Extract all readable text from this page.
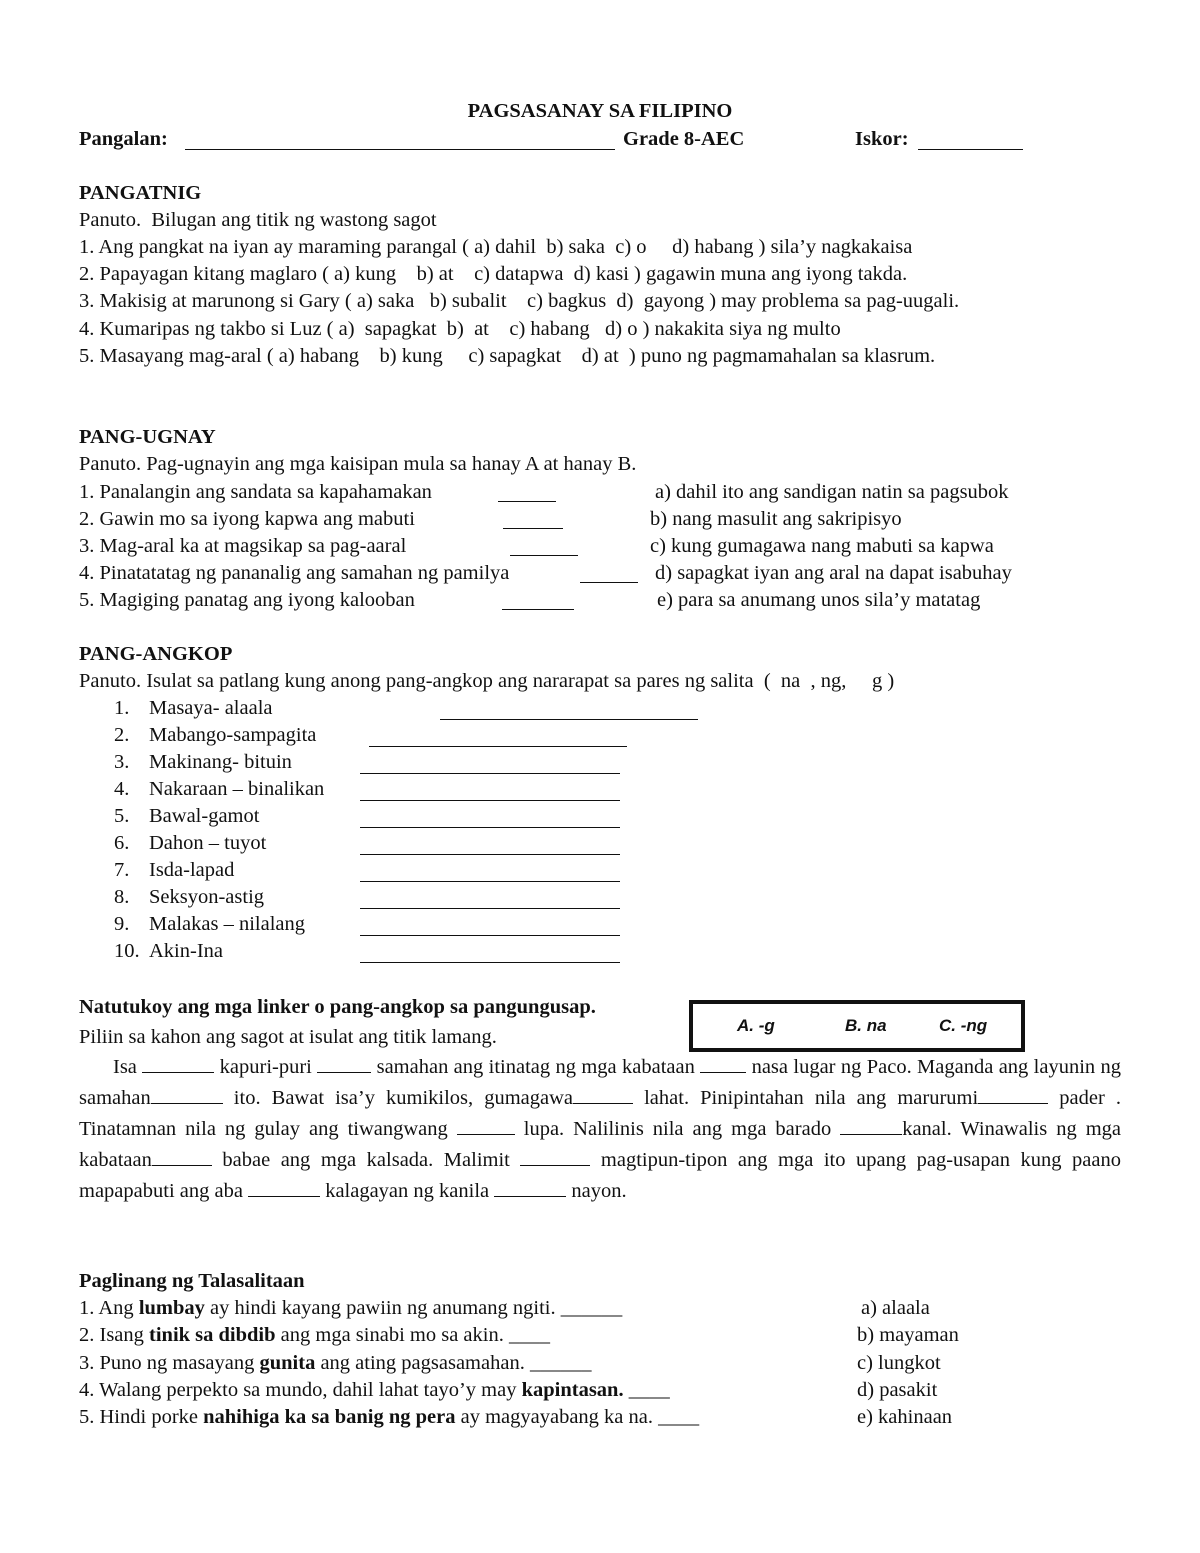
PAGSASANAY SA FILIPINO
Pangalan:	Grade 8-AEC	Iskor:
PANGATNIG
Panuto.  Bilugan ang titik ng wastong sagot
1. Ang pangkat na iyan ay maraming parangal ( a) dahil  b) saka  c) o     d) habang ) sila’y nagkakaisa
2. Papayagan kitang maglaro ( a) kung    b) at    c) datapwa  d) kasi ) gagawin muna ang iyong takda.
3. Makisig at marunong si Gary ( a) saka   b) subalit    c) bagkus  d)  gayong ) may problema sa pag-uugali.
4. Kumaripas ng takbo si Luz ( a)  sapagkat  b)  at    c) habang   d) o ) nakakita siya ng multo
5. Masayang mag-aral ( a) habang    b) kung     c) sapagkat    d) at  ) puno ng pagmamahalan sa klasrum.
PANG-UGNAY
Panuto. Pag-ugnayin ang mga kaisipan mula sa hanay A at hanay B.
1. Panalangin ang sandata sa kapahamakan	a) dahil ito ang sandigan natin sa pagsubok
2. Gawin mo sa iyong kapwa ang mabuti	b) nang masulit ang sakripisyo
3. Mag-aral ka at magsikap sa pag-aaral	c) kung gumagawa nang mabuti sa kapwa
4. Pinatatatag ng pananalig ang samahan ng pamilya	d) sapagkat iyan ang aral na dapat isabuhay
5. Magiging panatag ang iyong kalooban	e) para sa anumang unos sila’y matatag
PANG-ANGKOP
Panuto. Isulat sa patlang kung anong pang-angkop ang nararapat sa pares ng salita  (  na  , ng,     g )
1. Masaya- alaala
2. Mabango-sampagita
3. Makinang- bituin
4. Nakaraan – binalikan
5. Bawal-gamot
6. Dahon – tuyot
7. Isda-lapad
8. Seksyon-astig
9. Malakas – nilalang
10. Akin-Ina
Natutukoy ang mga linker o pang-angkop sa pangungusap.
Piliin sa kahon ang sagot at isulat ang titik lamang.
A. -g	B. na	C. -ng
Isa	kapuri-puri	samahan ang itinatag ng mga kabataan  nasa lugar ng Paco. Maganda ang layunin ng samahan	ito. Bawat isa’y kumikilos, gumagawa	lahat. Pinipintahan nila ang marurumi	pader . Tinatamnan nila ng gulay ang tiwangwang	lupa. Nalilinis nila ang mga barado	kanal. Winawalis ng mga kabataan	babae ang mga kalsada. Malimit	magtipun-tipon ang mga ito upang pag-usapan kung paano mapapabuti ang aba	kalagayan ng kanila	nayon.
Paglinang ng Talasalitaan
1. Ang lumbay ay hindi kayang pawiin ng anumang ngiti. ______	a) alaala
2. Isang tinik sa dibdib ang mga sinabi mo sa akin. ____	b) mayaman
3. Puno ng masayang gunita ang ating pagsasamahan. ______	c) lungkot
4. Walang perpekto sa mundo, dahil lahat tayo’y may kapintasan. ____	d) pasakit
5. Hindi porke nahihiga ka sa banig ng pera ay magyayabang ka na. ____	e) kahinaan
